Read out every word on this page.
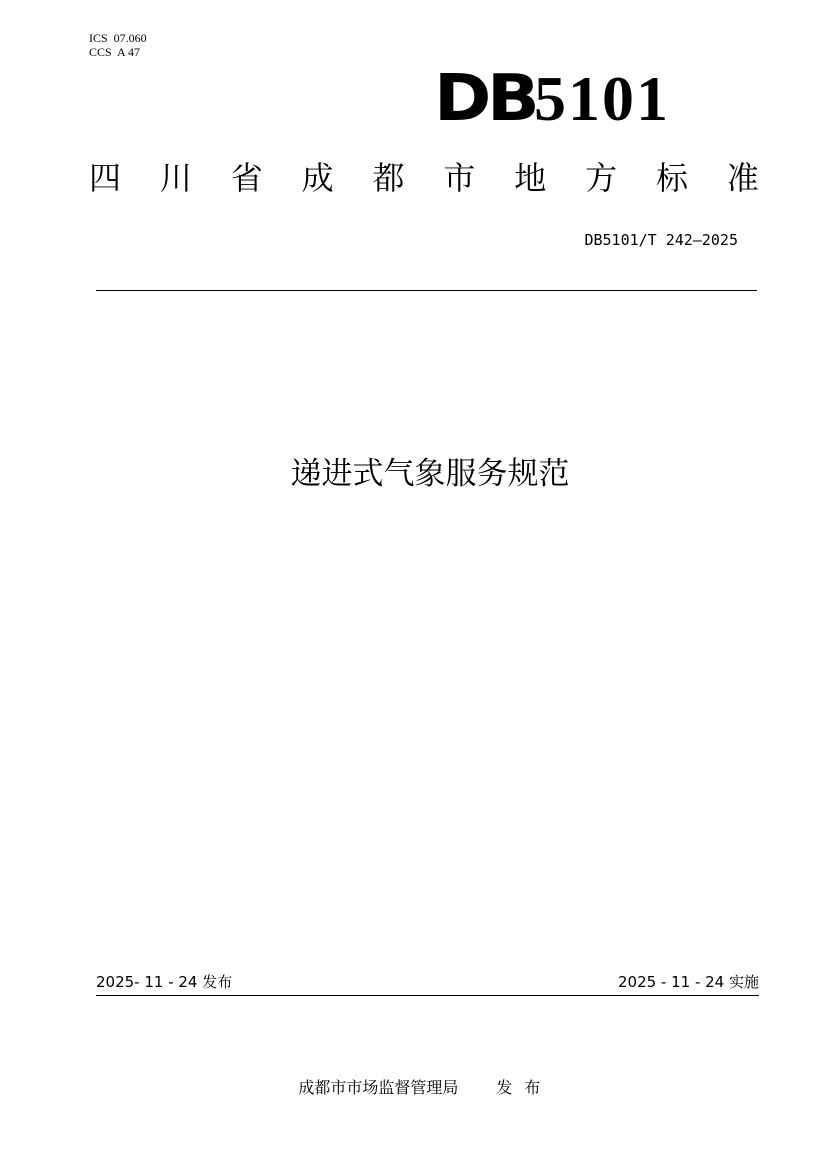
ICS  07.060
CCS  A 47
DB
5101
四 川 省 成 都 市 地 方 标 准
DB5101/T 242—2025
递进式气象服务规范
2025- 11 - 24 发布	2025 - 11 - 24 实施

成都市市场监督管理局 发布
